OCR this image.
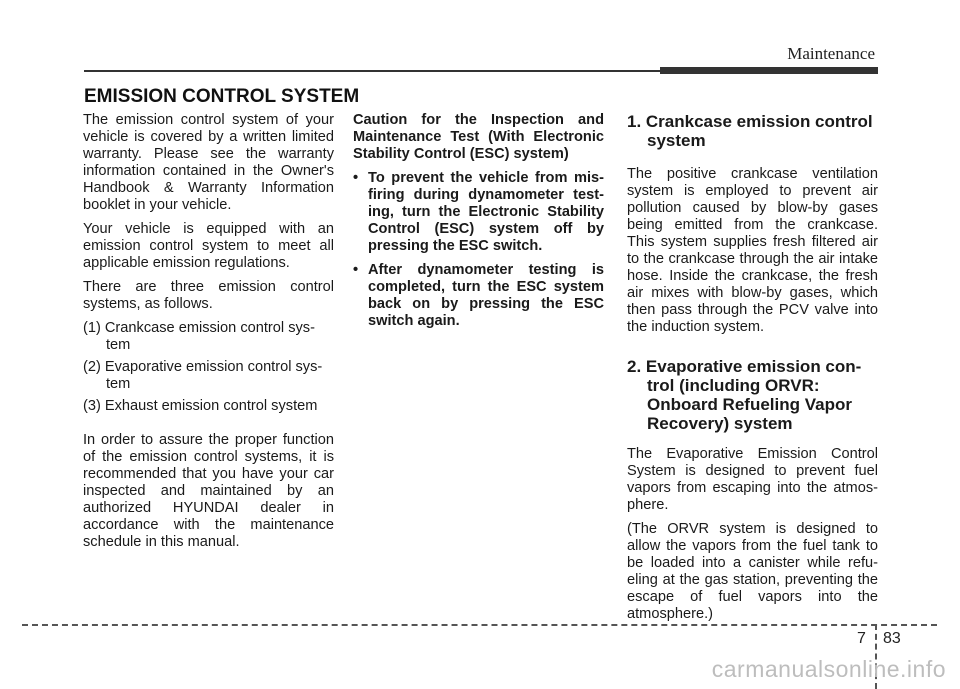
Maintenance
EMISSION CONTROL SYSTEM

The emission control system of your vehicle is covered by a written limited warranty. Please see the warranty information contained in the Owner's Handbook & Warranty Information booklet in your vehicle.

Your vehicle is equipped with an emission control system to meet all applicable emission regulations.

There are three emission control systems, as follows.

(1) Crankcase emission control sys-tem
(2) Evaporative emission control sys-tem
(3) Exhaust emission control system

In order to assure the proper function of the emission control systems, it is recommended that you have your car inspected and maintained by an authorized HYUNDAI dealer in accordance with the maintenance schedule in this manual.

Caution for the Inspection and Maintenance Test (With Electronic Stability Control (ESC) system)

• To prevent the vehicle from mis-firing during dynamometer test-ing, turn the Electronic Stability Control (ESC) system off by pressing the ESC switch.
• After dynamometer testing is completed, turn the ESC system back on by pressing the ESC switch again.
1. Crankcase emission control system

The positive crankcase ventilation system is employed to prevent air pollution caused by blow-by gases being emitted from the crankcase. This system supplies fresh filtered air to the crankcase through the air intake hose. Inside the crankcase, the fresh air mixes with blow-by gases, which then pass through the PCV valve into the induction system.

2. Evaporative emission con-trol (including ORVR: Onboard Refueling Vapor Recovery) system

The Evaporative Emission Control System is designed to prevent fuel vapors from escaping into the atmos-phere.

(The ORVR system is designed to allow the vapors from the fuel tank to be loaded into a canister while refu-eling at the gas station, preventing the escape of fuel vapors into the atmosphere.)

7 83
carmanualsonline.info
